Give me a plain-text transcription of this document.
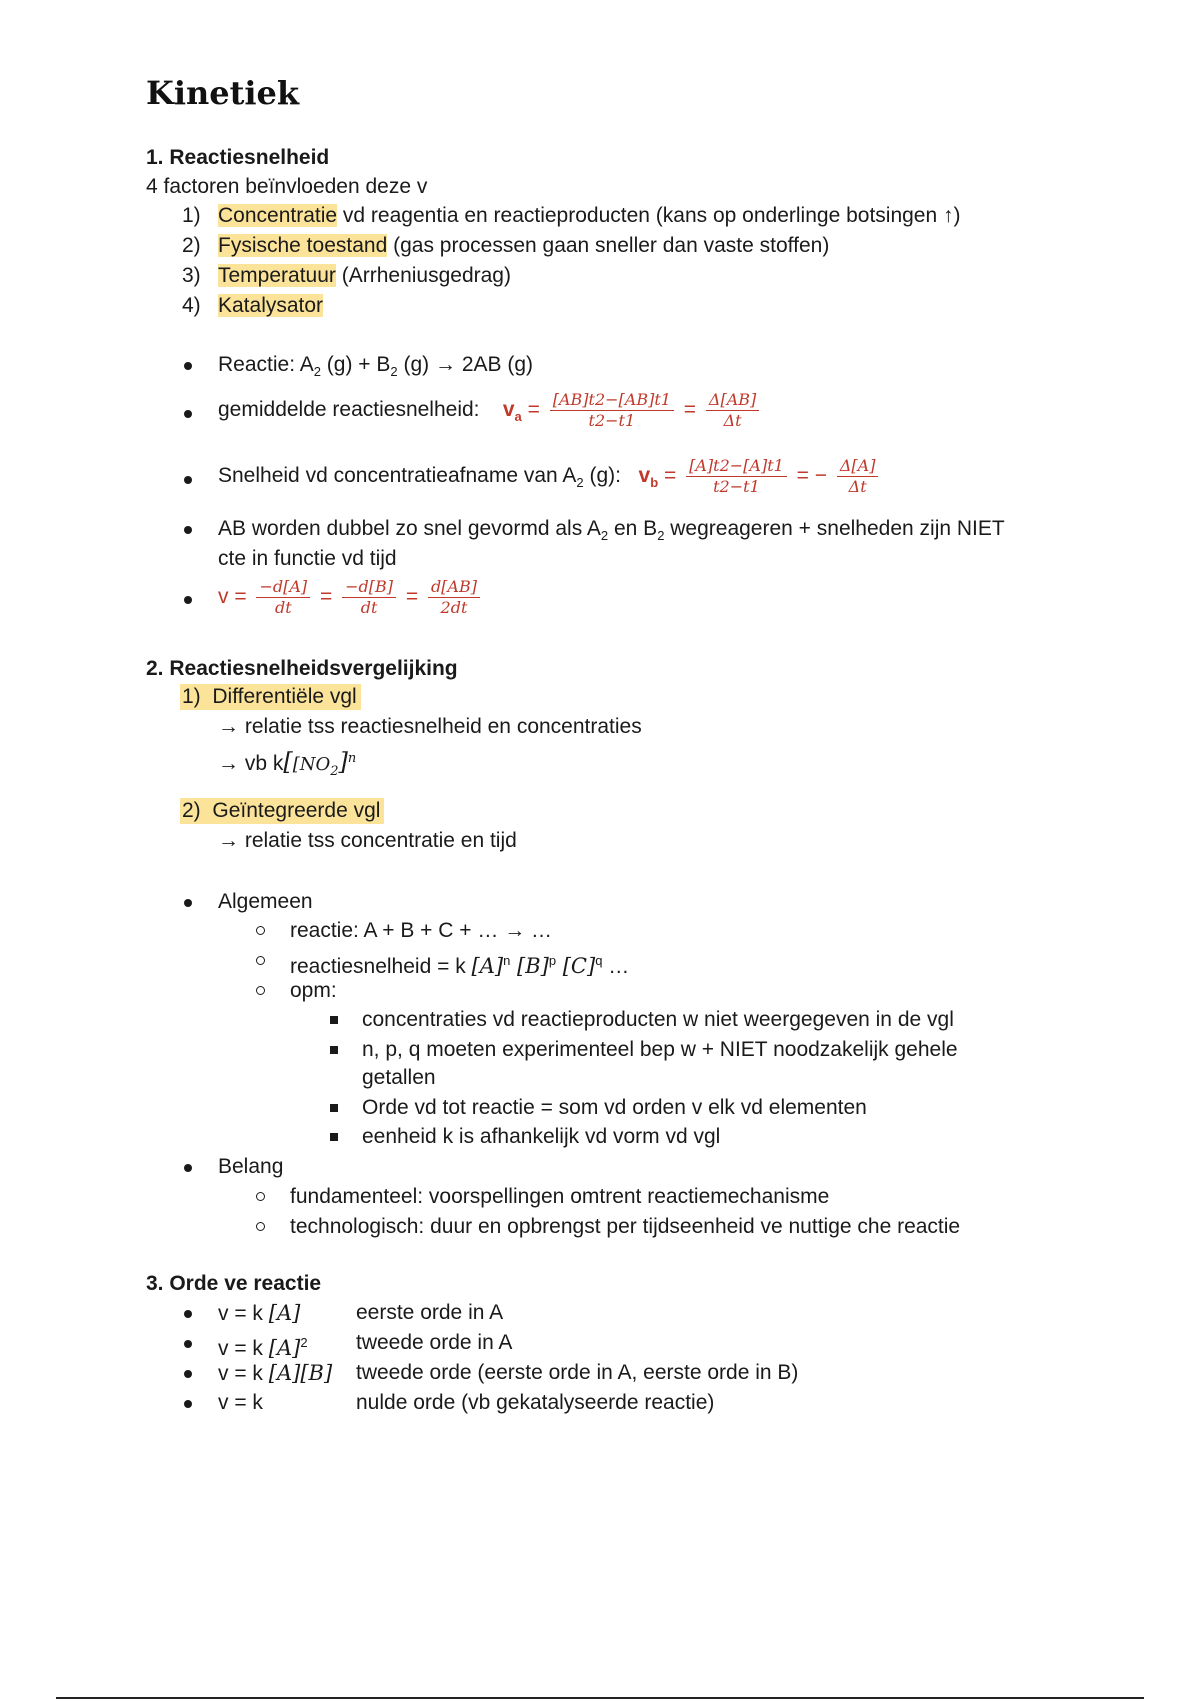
Kinetiek
1. Reactiesnelheid
4 factoren beïnvloeden deze v
1) Concentratie vd reagentia en reactieproducten (kans op onderlinge botsingen ↑)
2) Fysische toestand (gas processen gaan sneller dan vaste stoffen)
3) Temperatuur (Arrheniusgedrag)
4) Katalysator
Reactie: $A_2$ $(g) + B_2$ (g) → 2AB (g)
gemiddelde reactiesnelheid: $v_a = \frac{[AB]t2-[AB]t1}{t2-t1} = \frac{\Delta[AB]}{\Delta t}$
Snelheid vd concentratieafname van $A_2$ (g): $v_b = \frac{[A]t2-[A]t1}{t2-t1}$ = − $\frac{\Delta[A]}{\Delta t}$
AB worden dubbel zo snel gevormd als $A_2$ en $B_2$ wegreageren + snelheden zijn NIET
cte in functie vd tijd
$v = \frac{-d[A]}{dt} = \frac{-d[B]}{dt} = \frac{d[AB]}{2dt}$
2. Reactiesnelheidsvergelijking
1) Differentiële vgl
→ relatie tss reactiesnelheid en concentraties
→ vb $k[[NO_2]^n$
2) Geïntegreerde vgl
→ relatie tss concentratie en tijd
Algemeen
reactie: A + B + C + … → …
reactiesnelheid = k $[A]^n$ $[B]^p$ $[C]^q$ …
opm:
concentraties vd reactieproducten w niet weergegeven in de vgl
n, p, q moeten experimenteel bep w + NIET noodzakelijk gehele
getallen
Orde vd tot reactie = som vd orden v elk vd elementen
eenheid k is afhankelijk vd vorm vd vgl
Belang
fundamenteel: voorspellingen omtrent reactiemechanisme
technologisch: duur en opbrengst per tijdseenheid ve nuttige che reactie
3. Orde ve reactie
v = k [A]	eerste orde in A
v = k $[A]^2$ tweede orde in A
v = k [A][B] tweede orde (eerste orde in A, eerste orde in B)
v = k	nulde orde (vb gekatalyseerde reactie)
